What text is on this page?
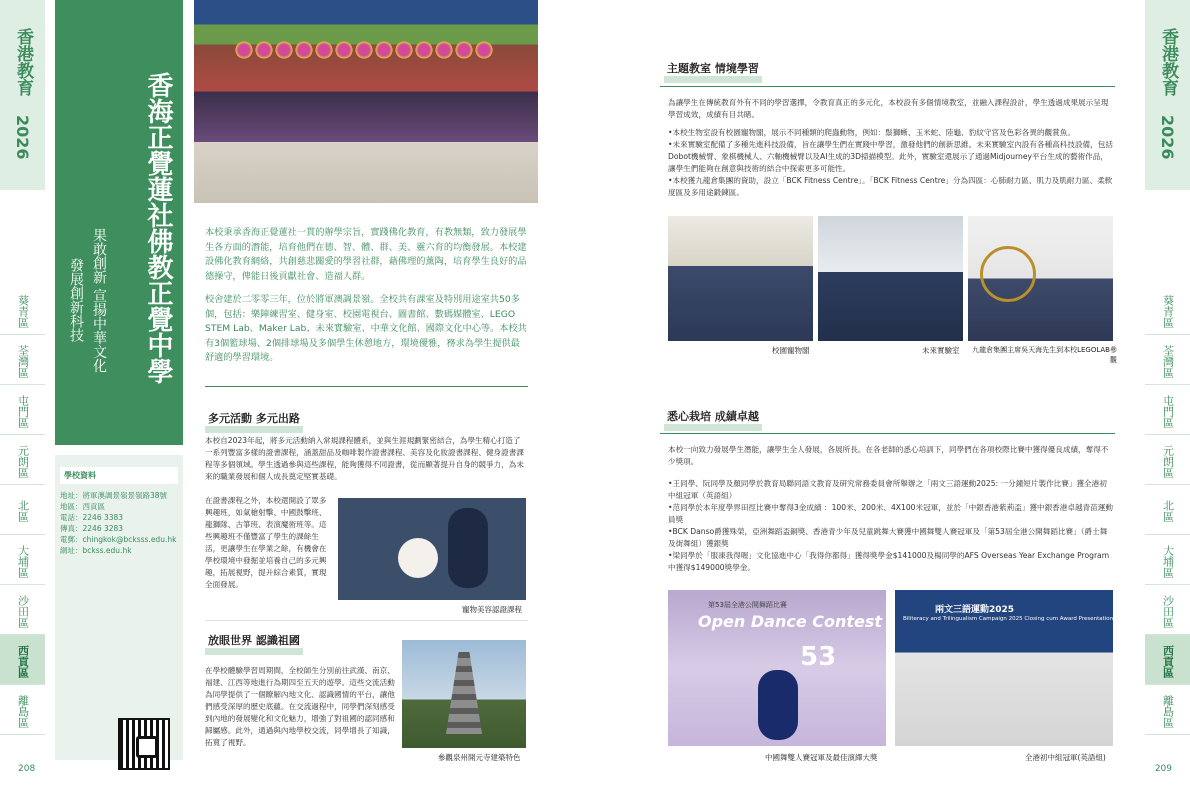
香港教育
2026
葵青區
荃灣區
屯門區
元朗區
北區
大埔區
沙田區
西貢區
離島區
208
香港教育
2026
葵青區
荃灣區
屯門區
元朗區
北區
大埔區
沙田區
西貢區
離島區
209
香海正覺蓮社佛教正覺中學
果敢創新 宣揚中華文化
發展創新科技
學校資料
地址：將軍澳調景嶺景嶺路38號
地區：西貢區
電話：2246 3383
傳真：2246 3283
電郵：chingkok@bcksss.edu.hk
網址：bckss.edu.hk

本校秉承香海正覺蓮社一貫的辦學宗旨，實踐佛化教育，有教無類，致力發展學生各方面的潛能，培育他們在德、智、體、群、美、靈六育的均衡發展。本校建設佛化教育網絡，共創慈悲關愛的學習社群，藉佛理的薰陶，培育學生良好的品德操守，俾能日後貢獻社會、造福人群。

校舍建於二零零三年，位於將軍澳調景嶺。全校共有課室及特別用途室共50多個，包括：樂陣練習室、健身室、校園電視台、圖書館、數碼媒體室、LEGO STEM Lab、Maker Lab、未來實驗室、中華文化館、國際文化中心等。本校共有3個籃球場、2個排球場及多個學生休憩地方，環境優雅，務求為學生提供最舒適的學習環境。

多元活動 多元出路
本校自2023年起，將多元活動納入常規課程體系，並與生涯規劃緊密結合，為學生精心打造了一系列豐富多樣的證書課程，涵蓋甜品及咖啡製作證書課程、美容及化妝證書課程、健身證書課程等多個領域。學生透過參與這些課程，能夠獲得不同證書，從而顯著提升自身的競爭力，為未來的職業發展和個人成長奠定堅實基礎。
在證書課程之外，本校還開設了眾多興趣班，如氣槍射擊、中國鼓擊班、龍獅隊、古箏班、表演魔術班等。這些興趣班不僅豐富了學生的課餘生活，更讓學生在學業之餘，有機會在學校環境中發掘並培養自己的多元興趣，拓展視野，提升綜合素質，實現全面發展。
寵物美容認證課程
放眼世界 認識祖國
在學校體驗學習周期間，全校師生分別前往武漢、南京、福建、江西等地進行為期四至五天的遊學。這些交流活動為同學提供了一個瞭解內地文化、認識國情的平台，讓他們感受深厚的歷史底蘊。在交流過程中，同學們深刻感受到內地的發展變化和文化魅力，增強了對祖國的認同感和歸屬感。此外，通過與內地學校交流，同學增長了知識，拓寬了視野。
參觀泉州開元寺建築特色
主題教室 情境學習

為讓學生在傳統教育外有不同的學習選擇，令教育真正的多元化，本校設有多個情境教室，並融入課程設計，學生透過成果展示呈現學習成效，成績有目共睹。

•本校生物室設有校園寵物閣，展示不同種類的爬蟲動物，例如：鬃獅蜥、玉米蛇、陸龜、豹紋守宮及色彩各異的觀賞魚。

•未來實驗室配備了多種先進科技設備，旨在讓學生們在實踐中學習，激發他們的創新思維。未來實驗室內設有各種高科技設備，包括Dobot機械臂、象棋機械人、六軸機械臂以及AI生成的3D掃描模型。此外，實驗室還展示了通過Midjourney平台生成的藝術作品，讓學生們能夠在創意與技術的結合中探索更多可能性。

•本校獲九龍倉集團的資助，設立「BCK Fitness Centre」。「BCK Fitness Centre」分為四區：心肺耐力區、肌力及肌耐力區、柔軟度區及多用途鍛鍊區。

校園寵物閣	未來實驗室	九龍倉集團主席吳天海先生到本校LEGOLAB參觀
悉心栽培 成績卓越

本校一向致力發展學生潛能，讓學生全人發展，各展所長。在各老師的悉心培訓下，同學們在各項校際比賽中獲得優良成績，奪得不少獎項。

•王同學、阮同學及顏同學於教育局聯同語文教育及研究常務委員會所舉辦之「兩文三語運動2025: 一分鐘短片製作比賽」獲全港初中組冠軍（英語組）

•范同學於本年度學界田徑比賽中奪得3金成績 ：100米、200米、4X100米冠軍，並於「中銀香港紫荊盃」獲中銀香港卓越青苗運動員獎

•BCK Danso爵獲殊榮，亞洲舞蹈盃銅獎、香港青少年及兒童跳舞大賽獲中國舞雙人賽冠軍及「第53屆全港公開舞蹈比賽」（爵士舞 及街舞組）獲銀獎

•梁同學於「服凍我得喔」文化協進中心「我得你都得」獲得獎學金$141000及楊同學的AFS Overseas Year Exchange Program中獲得$149000獎學金。

第53屆全港公開舞蹈比賽
Open Dance Contest
53
兩文三語運動2025
Biliteracy and Trilingualism Campaign 2025 Closing cum Award Presentation Ceremony
中國舞雙人賽冠軍及最佳演繹大獎	全港初中組冠軍(英語組)
